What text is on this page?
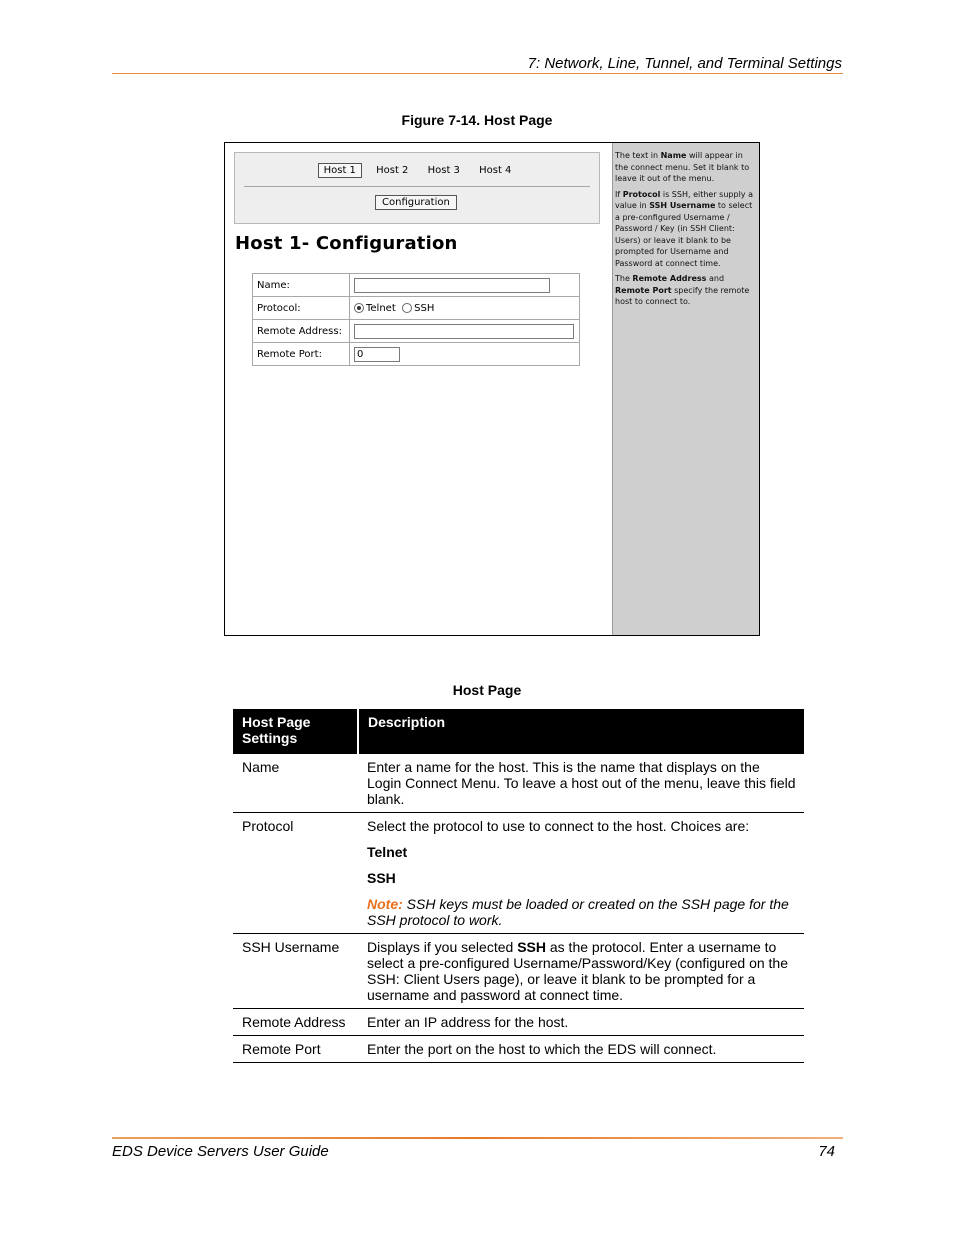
7: Network, Line, Tunnel, and Terminal Settings
Figure 7-14. Host Page
Host 1 Host 2 Host 3 Host 4
Configuration
Host 1- Configuration
Name:	
Protocol:	Telnet SSH
Remote Address:	
Remote Port:	0

The text in Name will appear in the connect menu. Set it blank to leave it out of the menu.

If Protocol is SSH, either supply a value in SSH Username to select a pre-configured Username / Password / Key (in SSH Client: Users) or leave it blank to be prompted for Username and Password at connect time.

The Remote Address and Remote Port specify the remote host to connect to.

Host Page
Host Page Settings	Description
Name	Enter a name for the host. This is the name that displays on the Login Connect Menu. To leave a host out of the menu, leave this field blank.
Protocol	Select the protocol to use to connect to the host. Choices are:

Telnet

SSH

Note: SSH keys must be loaded or created on the SSH page for the SSH protocol to work.

SSH Username	Displays if you selected SSH as the protocol. Enter a username to select a pre-configured Username/Password/Key (configured on the SSH: Client Users page), or leave it blank to be prompted for a username and password at connect time.
Remote Address	Enter an IP address for the host.
Remote Port	Enter the port on the host to which the EDS will connect.
EDS Device Servers User Guide	74
